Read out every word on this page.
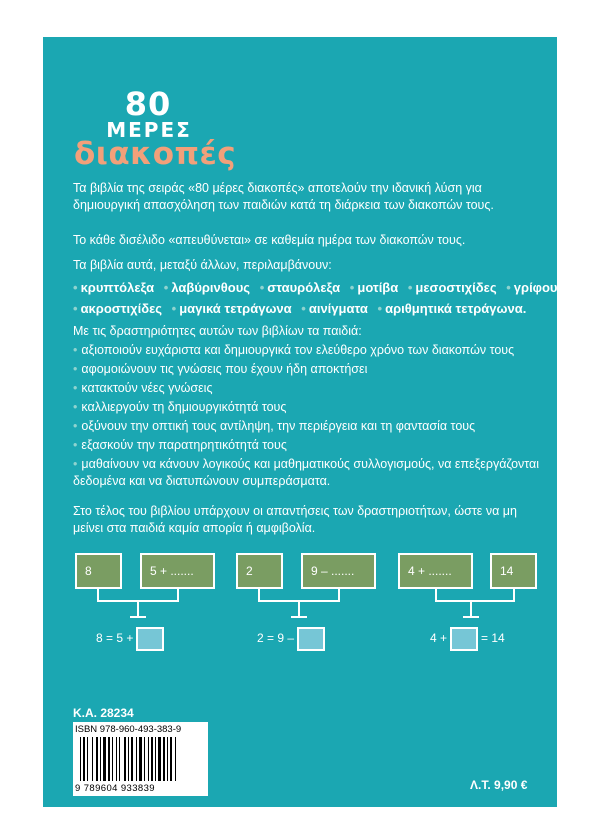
80
ΜΕΡΕΣ
διακοπές
Τα βιβλία της σειράς «80 μέρες διακοπές» αποτελούν την ιδανική λύση για δημιουργική απασχόληση των παιδιών κατά τη διάρκεια των διακοπών τους.
Το κάθε δισέλιδο «απευθύνεται» σε καθεμία ημέρα των διακοπών τους.
Τα βιβλία αυτά, μεταξύ άλλων, περιλαμβάνουν:
• κρυπτόλεξα • λαβύρινθους • σταυρόλεξα • μοτίβα • μεσοστιχίδες • γρίφους
• ακροστιχίδες • μαγικά τετράγωνα • αινίγματα • αριθμητικά τετράγωνα.
Με τις δραστηριότητες αυτών των βιβλίων τα παιδιά:
• αξιοποιούν ευχάριστα και δημιουργικά τον ελεύθερο χρόνο των διακοπών τους
• αφομοιώνουν τις γνώσεις που έχουν ήδη αποκτήσει
• κατακτούν νέες γνώσεις
• καλλιεργούν τη δημιουργικότητά τους
• οξύνουν την οπτική τους αντίληψη, την περιέργεια και τη φαντασία τους
• εξασκούν την παρατηρητικότητά τους
• μαθαίνουν να κάνουν λογικούς και μαθηματικούς συλλογισμούς, να επεξεργάζονται δεδομένα και να διατυπώνουν συμπεράσματα.
Στο τέλος του βιβλίου υπάρχουν οι απαντήσεις των δραστηριοτήτων, ώστε να μη μείνει στα παιδιά καμία απορία ή αμφιβολία.
8	5 + .......
8 = 5 +
2	9 – .......
2 = 9 –
4 + .......	14
4 +	= 14
Κ.Α. 28234
ISBN 978-960-493-383-9
9 789604 933839	Λ.Τ. 9,90 €
